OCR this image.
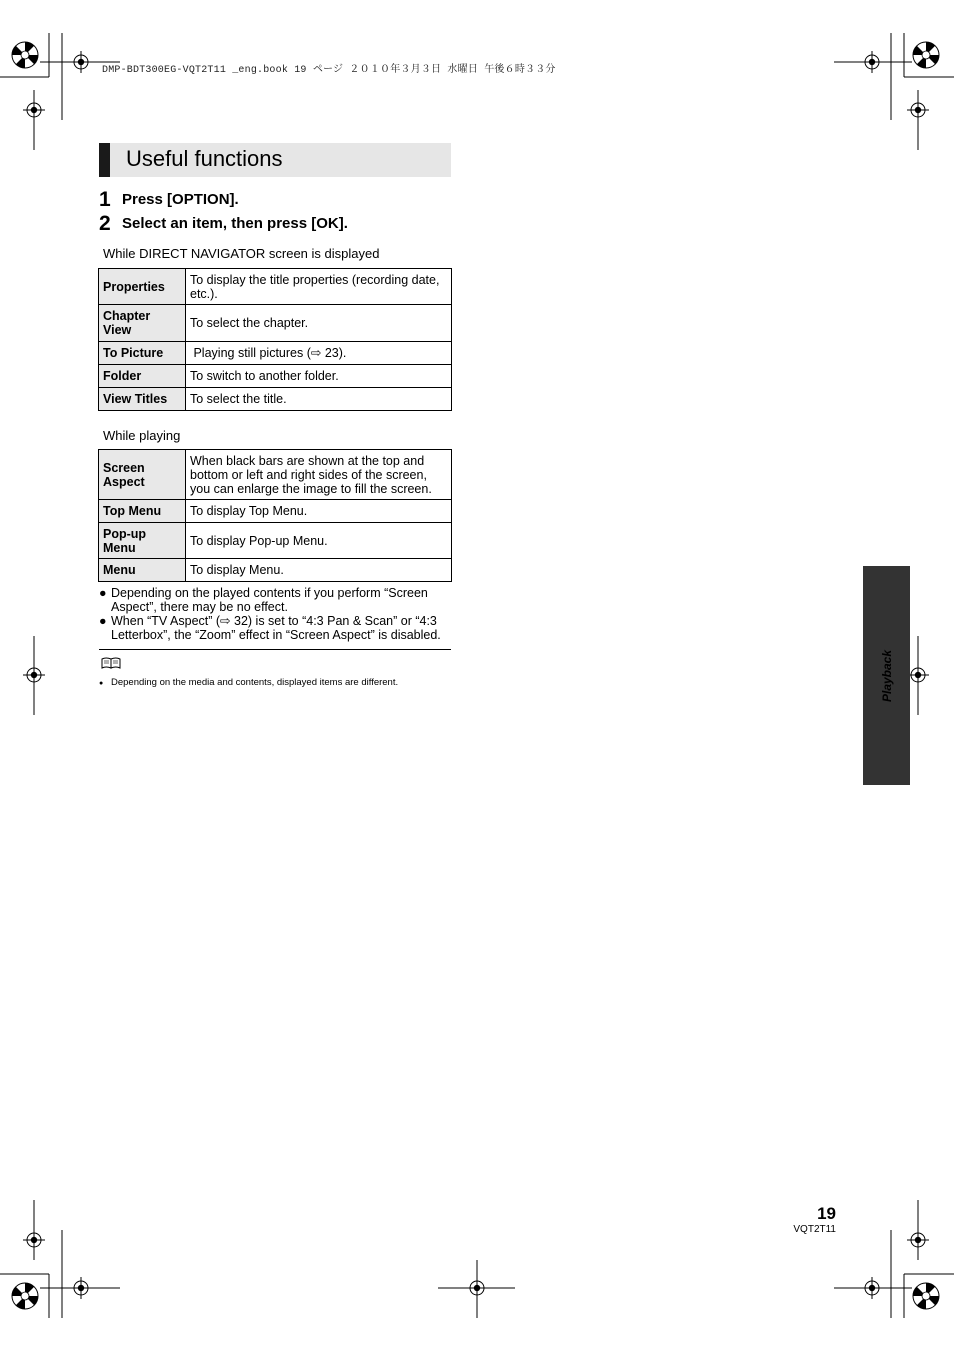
DMP-BDT300EG-VQT2T11 _eng.book 19 ページ ２０１０年３月３日 水曜日 午後６時３３分
Useful functions
1 Press [OPTION].
2 Select an item, then press [OK].
While DIRECT NAVIGATOR screen is displayed
Properties	To display the title properties (recording date, etc.).
Chapter View	To select the chapter.
To Picture	Playing still pictures (⇨ 23).
Folder	To switch to another folder.
View Titles	To select the title.
While playing
Screen Aspect	When black bars are shown at the top and bottom or left and right sides of the screen, you can enlarge the image to fill the screen.
Top Menu	To display Top Menu.
Pop-up Menu	To display Pop-up Menu.
Menu	To display Menu.
● Depending on the played contents if you perform “Screen Aspect”, there may be no effect.
● When “TV Aspect” (⇨ 32) is set to “4:3 Pan & Scan” or “4:3 Letterbox”, the “Zoom” effect in “Screen Aspect” is disabled.
● Depending on the media and contents, displayed items are different.	Playback
19
VQT2T11
